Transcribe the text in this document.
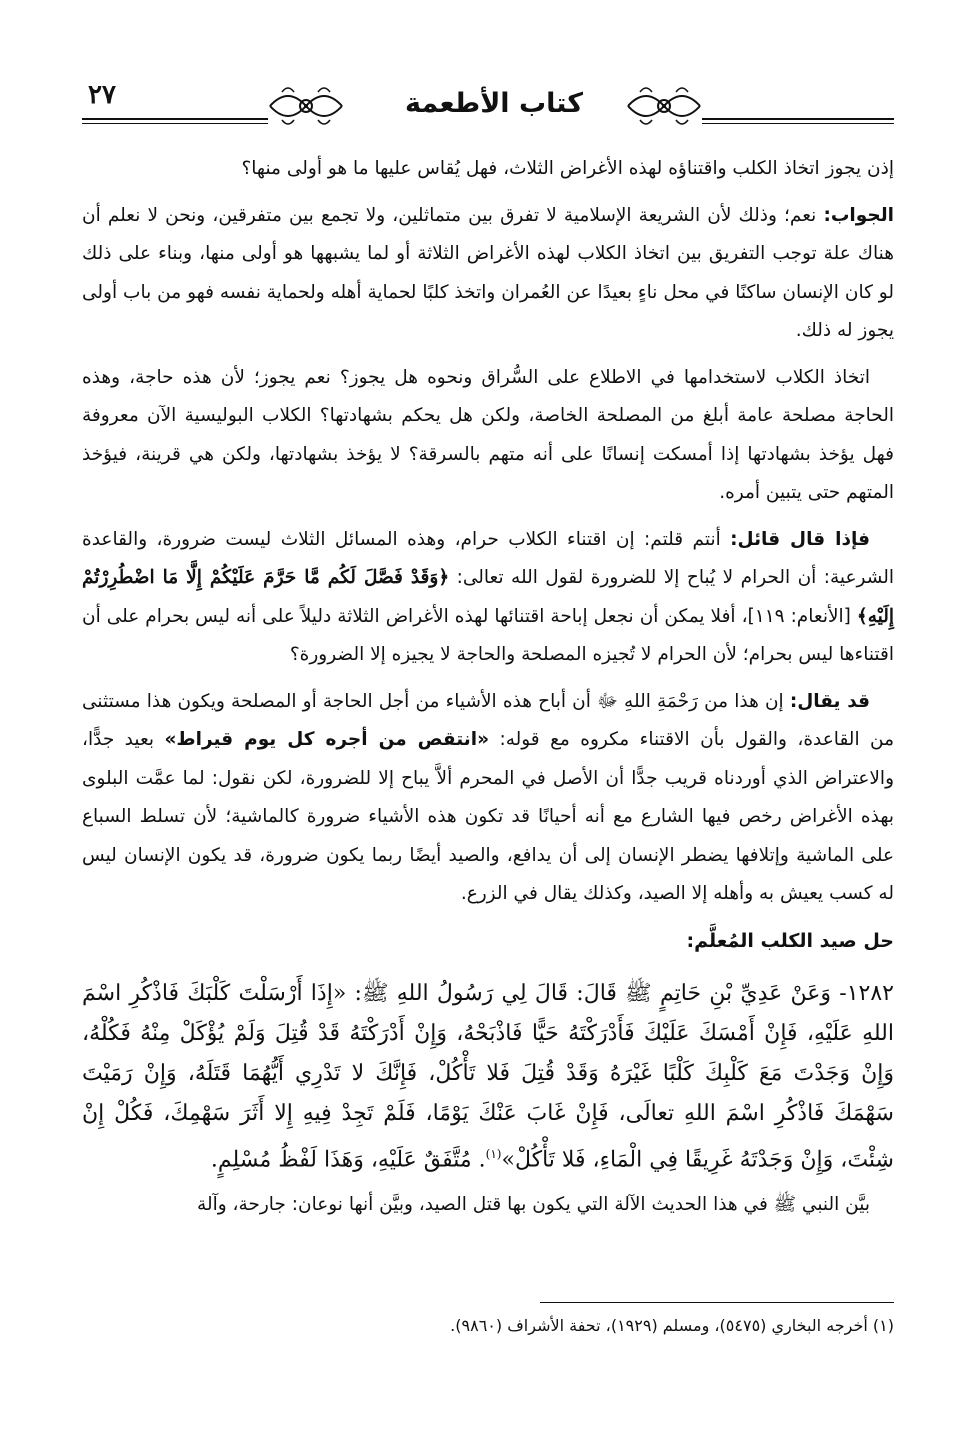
٢٧	كتاب الأطعمة

إذن يجوز اتخاذ الكلب واقتناؤه لهذه الأغراض الثلاث، فهل يُقاس عليها ما هو أولى منها؟

الجواب: نعم؛ وذلك لأن الشريعة الإسلامية لا تفرق بين متماثلين، ولا تجمع بين متفرقين، ونحن لا نعلم أن هناك علة توجب التفريق بين اتخاذ الكلاب لهذه الأغراض الثلاثة أو لما يشبهها هو أولى منها، وبناء على ذلك لو كان الإنسان ساكنًا في محل ناءٍ بعيدًا عن العُمران واتخذ كلبًا لحماية أهله ولحماية نفسه فهو من باب أولى يجوز له ذلك.

اتخاذ الكلاب لاستخدامها في الاطلاع على السُّراق ونحوه هل يجوز؟ نعم يجوز؛ لأن هذه حاجة، وهذه الحاجة مصلحة عامة أبلغ من المصلحة الخاصة، ولكن هل يحكم بشهادتها؟ الكلاب البوليسية الآن معروفة فهل يؤخذ بشهادتها إذا أمسكت إنسانًا على أنه متهم بالسرقة؟ لا يؤخذ بشهادتها، ولكن هي قرينة، فيؤخذ المتهم حتى يتبين أمره.

فإذا قال قائل: أنتم قلتم: إن اقتناء الكلاب حرام، وهذه المسائل الثلاث ليست ضرورة، والقاعدة الشرعية: أن الحرام لا يُباح إلا للضرورة لقول الله تعالى: ﴿وَقَدْ فَصَّلَ لَكُم مَّا حَرَّمَ عَلَيْكُمْ إِلَّا مَا اضْطُرِرْتُمْ إِلَيْهِ﴾ [الأنعام: ١١٩]، أفلا يمكن أن نجعل إباحة اقتنائها لهذه الأغراض الثلاثة دليلاً على أنه ليس بحرام على أن اقتناءها ليس بحرام؛ لأن الحرام لا تُجيزه المصلحة والحاجة لا يجيزه إلا الضرورة؟

قد يقال: إن هذا من رَحْمَةِ اللهِ ﷻ أن أباح هذه الأشياء من أجل الحاجة أو المصلحة ويكون هذا مستثنى من القاعدة، والقول بأن الاقتناء مكروه مع قوله: «انتقص من أجره كل يوم قيراط» بعيد جدًّا، والاعتراض الذي أوردناه قريب جدًّا أن الأصل في المحرم ألاَّ يباح إلا للضرورة، لكن نقول: لما عمَّت البلوى بهذه الأغراض رخص فيها الشارع مع أنه أحيانًا قد تكون هذه الأشياء ضرورة كالماشية؛ لأن تسلط السباع على الماشية وإتلافها يضطر الإنسان إلى أن يدافع، والصيد أيضًا ربما يكون ضرورة، قد يكون الإنسان ليس له كسب يعيش به وأهله إلا الصيد، وكذلك يقال في الزرع.

حل صيد الكلب المُعلَّم:

١٢٨٢- وَعَنْ عَدِيِّ بْنِ حَاتِمٍ ﷺ قَالَ: قَالَ لِي رَسُولُ اللهِ ﷺ: «إِذَا أَرْسَلْتَ كَلْبَكَ فَاذْكُرِ اسْمَ اللهِ عَلَيْهِ، فَإِنْ أَمْسَكَ عَلَيْكَ فَأَدْرَكْتَهُ حَيًّا فَاذْبَحْهُ، وَإِنْ أَدْرَكْتَهُ قَدْ قُتِلَ وَلَمْ يُؤْكَلْ مِنْهُ فَكُلْهُ، وَإِنْ وَجَدْتَ مَعَ كَلْبِكَ كَلْبًا غَيْرَهُ وَقَدْ قُتِلَ فَلا تَأْكُلْ، فَإِنَّكَ لا تَدْرِي أَيُّهُمَا قَتَلَهُ، وَإِنْ رَمَيْتَ سَهْمَكَ فَاذْكُرِ اسْمَ اللهِ تعالَى، فَإِنْ غَابَ عَنْكَ يَوْمًا، فَلَمْ تَجِدْ فِيهِ إِلا أَثَرَ سَهْمِكَ، فَكُلْ إِنْ شِئْتَ، وَإِنْ وَجَدْتَهُ غَرِيقًا فِي الْمَاءِ، فَلا تَأْكُلْ»$^{(١)}$. مُتَّفَقٌ عَلَيْهِ، وَهَذَا لَفْظُ مُسْلِمٍ.

بيَّن النبي ﷺ في هذا الحديث الآلة التي يكون بها قتل الصيد، وبيَّن أنها نوعان: جارحة، وآلة

(١) أخرجه البخاري (٥٤٧٥)، ومسلم (١٩٢٩)، تحفة الأشراف (٩٨٦٠).
